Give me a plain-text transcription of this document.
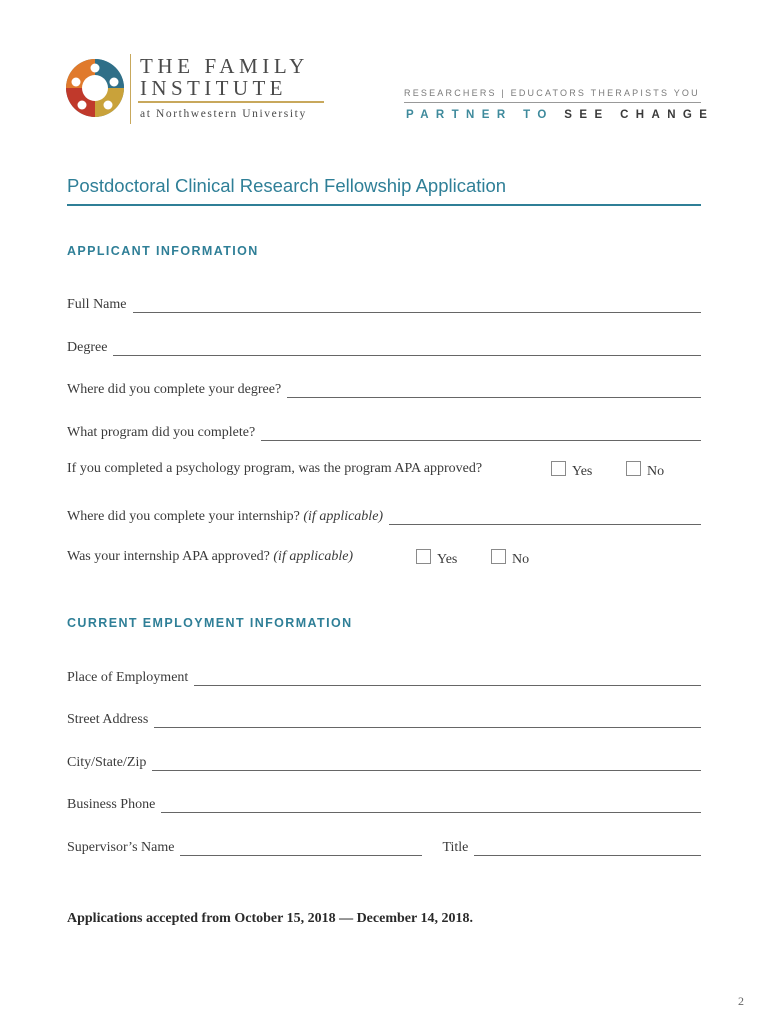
THE FAMILY
INSTITUTE
at Northwestern University
RESEARCHERS | EDUCATORS THERAPISTS YOU
PARTNER TO SEE CHANGE
Postdoctoral Clinical Research Fellowship Application
APPLICANT INFORMATION
Full Name
Degree
Where did you complete your degree?
What program did you complete?
If you completed a psychology program, was the program APA approved?	Yes	No
Where did you complete your internship? (if applicable)
Was your internship APA approved? (if applicable)	Yes	No
CURRENT EMPLOYMENT INFORMATION
Place of Employment
Street Address
City/State/Zip
Business Phone
Supervisor’s Name	Title
Applications accepted from October 15, 2018 — December 14, 2018.
2
